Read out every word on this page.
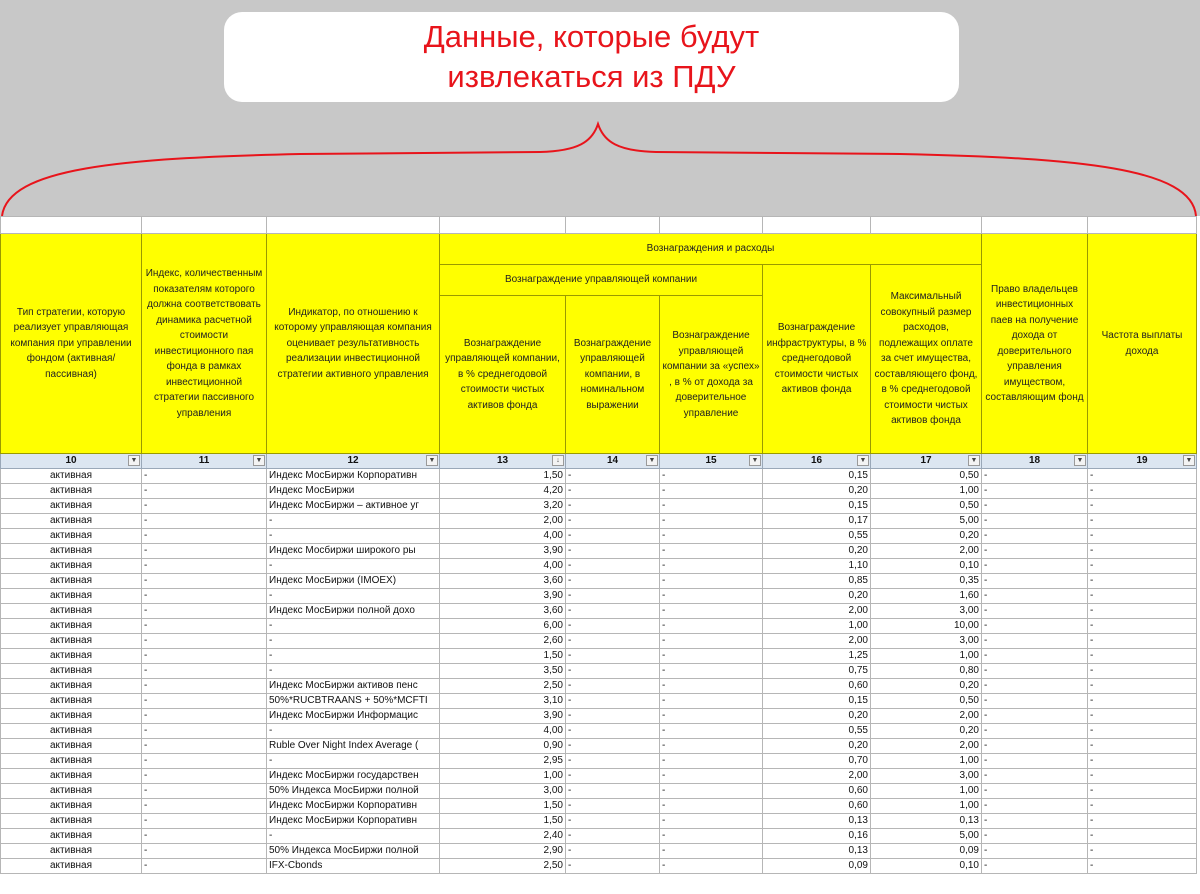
Данные, которые будут
извлекаться из ПДУ

Тип стратегии, которую реализует управляющая компания при управлении фондом (активная/пассивная)	Индекс, количественным показателям которого должна соответствовать динамика расчетной стоимости инвестиционного пая фонда в рамках инвестиционной стратегии пассивного управления	Индикатор, по отношению к которому управляющая компания оценивает результативность реализации инвестиционной стратегии активного управления	Вознаграждения и расходы					Право владельцев инвестиционных паев на получение дохода от доверительного управления имуществом, составляющим фонд	Частота выплаты дохода
			Вознаграждение управляющей компании			Вознаграждение инфраструктуры, в % среднегодовой стоимости чистых активов фонда	Максимальный совокупный размер расходов, подлежащих оплате за счет имущества, составляющего фонд, в % среднегодовой стоимости чистых активов фонда		
			Вознаграждение управляющей компании, в % среднегодовой стоимости чистых активов фонда	Вознаграждение управляющей компании, в номинальном выражении	Вознаграждение управляющей компании за «успех» , в % от дохода за доверительное управление				

10 ▼	11 ▼	12 ▼	13 ↓	14 ▼	15 ▼	16 ▼	17 ▼	18 ▼	19 ▼

активная	-	Индекс МосБиржи Корпоративн	1,50	-	-	0,15	0,50	-	-
активная	-	Индекс МосБиржи	4,20	-	-	0,20	1,00	-	-
активная	-	Индекс МосБиржи – активное уг	3,20	-	-	0,15	0,50	-	-
активная	-	-	2,00	-	-	0,17	5,00	-	-
активная	-	-	4,00	-	-	0,55	0,20	-	-
активная	-	Индекс Мосбиржи широкого ры	3,90	-	-	0,20	2,00	-	-
активная	-	-	4,00	-	-	1,10	0,10	-	-
активная	-	Индекс МосБиржи (IMOEX)	3,60	-	-	0,85	0,35	-	-
активная	-	-	3,90	-	-	0,20	1,60	-	-
активная	-	Индекс МосБиржи полной дохо	3,60	-	-	2,00	3,00	-	-
активная	-	-	6,00	-	-	1,00	10,00	-	-
активная	-	-	2,60	-	-	2,00	3,00	-	-
активная	-	-	1,50	-	-	1,25	1,00	-	-
активная	-	-	3,50	-	-	0,75	0,80	-	-
активная	-	Индекс МосБиржи активов пенс	2,50	-	-	0,60	0,20	-	-
активная	-	50%*RUCBTRAANS + 50%*MCFTI	3,10	-	-	0,15	0,50	-	-
активная	-	Индекс МосБиржи Информацис	3,90	-	-	0,20	2,00	-	-
активная	-	-	4,00	-	-	0,55	0,20	-	-
активная	-	Ruble Over Night Index Average (	0,90	-	-	0,20	2,00	-	-
активная	-	-	2,95	-	-	0,70	1,00	-	-
активная	-	Индекс МосБиржи государствен	1,00	-	-	2,00	3,00	-	-
активная	-	50% Индекса МосБиржи полной	3,00	-	-	0,60	1,00	-	-
активная	-	Индекс МосБиржи Корпоративн	1,50	-	-	0,60	1,00	-	-
активная	-	Индекс МосБиржи Корпоративн	1,50	-	-	0,13	0,13	-	-
активная	-	-	2,40	-	-	0,16	5,00	-	-
активная	-	50% Индекса МосБиржи полной	2,90	-	-	0,13	0,09	-	-
активная	-	IFX-Cbonds	2,50	-	-	0,09	0,10	-	-
